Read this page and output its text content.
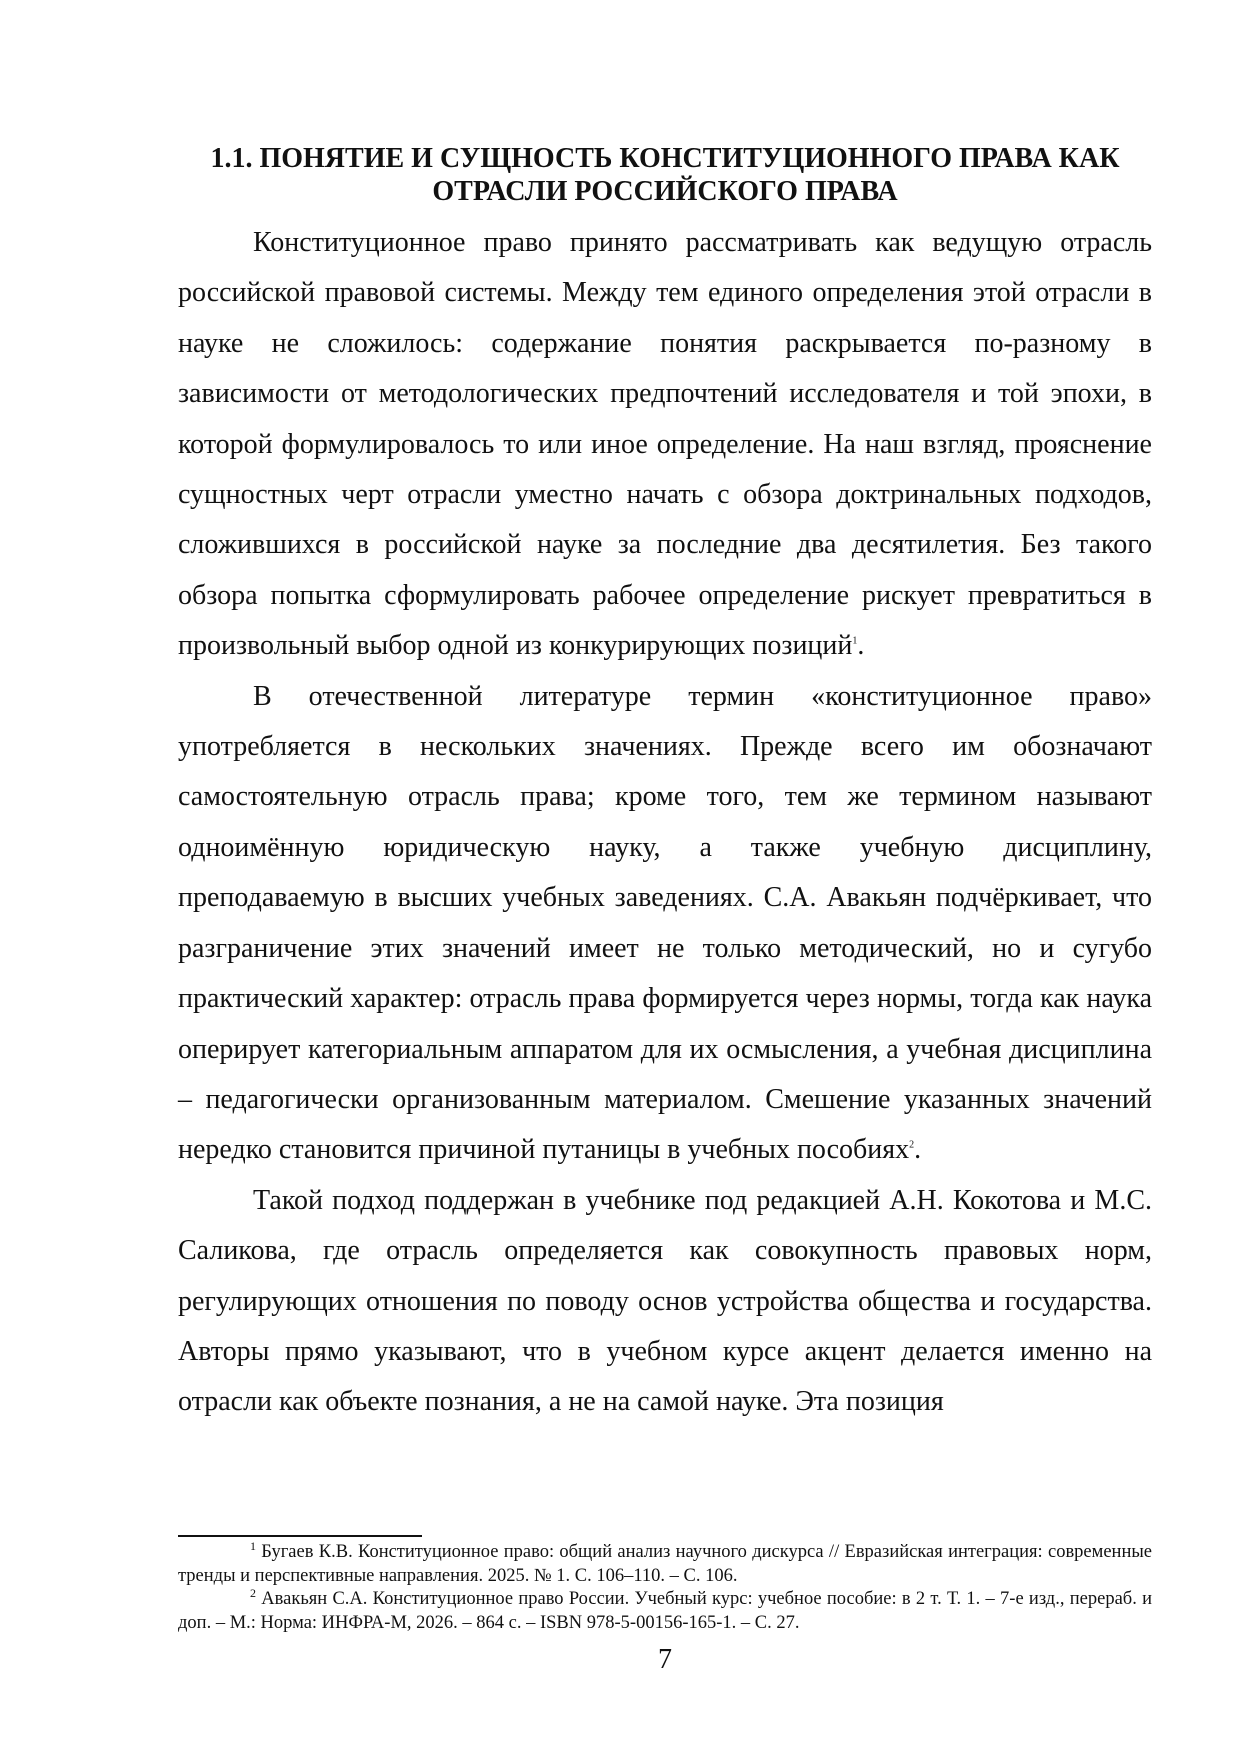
1.1. ПОНЯТИЕ И СУЩНОСТЬ КОНСТИТУЦИОННОГО ПРАВА КАК ОТРАСЛИ РОССИЙСКОГО ПРАВА

Конституционное право принято рассматривать как ведущую отрасль российской правовой системы. Между тем единого определения этой отрасли в науке не сложилось: содержание понятия раскрывается по-разному в зависимости от методологических предпочтений исследователя и той эпохи, в которой формулировалось то или иное определение. На наш взгляд, прояснение сущностных черт отрасли уместно начать с обзора доктринальных подходов, сложившихся в российской науке за последние два десятилетия. Без такого обзора попытка сформулировать рабочее определение рискует превратиться в произвольный выбор одной из конкурирующих позиций$^1$.

В отечественной литературе термин «конституционное право» употребляется в нескольких значениях. Прежде всего им обозначают самостоятельную отрасль права; кроме того, тем же термином называют одноимённую юридическую науку, а также учебную дисциплину, преподаваемую в высших учебных заведениях. С.А. Авакьян подчёркивает, что разграничение этих значений имеет не только методический, но и сугубо практический характер: отрасль права формируется через нормы, тогда как наука оперирует категориальным аппаратом для их осмысления, а учебная дисциплина – педагогически организованным материалом. Смешение указанных значений нередко становится причиной путаницы в учебных пособиях$^2$.

Такой подход поддержан в учебнике под редакцией А.Н. Кокотова и М.С. Саликова, где отрасль определяется как совокупность правовых норм, регулирующих отношения по поводу основ устройства общества и государства. Авторы прямо указывают, что в учебном курсе акцент делается именно на отрасли как объекте познания, а не на самой науке. Эта позиция

$^1$ Бугаев К.В. Конституционное право: общий анализ научного дискурса // Евразийская интеграция: современные тренды и перспективные направления. 2025. № 1. С. 106–110. – С. 106.

$^2$ Авакьян С.А. Конституционное право России. Учебный курс: учебное пособие: в 2 т. Т. 1. – 7-е изд., перераб. и доп. – М.: Норма: ИНФРА-М, 2026. – 864 с. – ISBN 978-5-00156-165-1. – С. 27.

7
